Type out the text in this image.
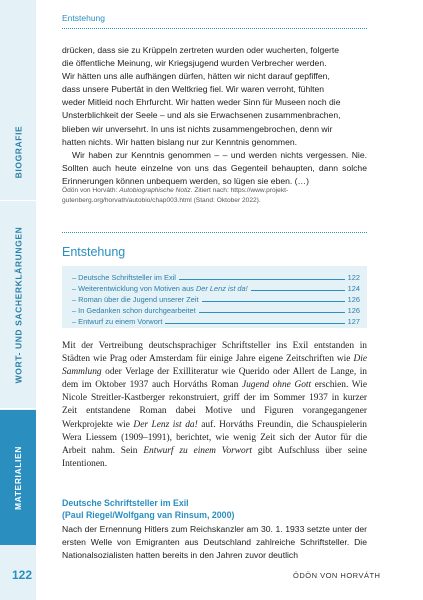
BIOGRAFIE
WORT- UND SACHERKLÄRUNGEN
MATERIALIEN
122
Entstehung
drücken, dass sie zu Krüppeln zertreten wurden oder wucherten, folgerte
die öffentliche Meinung, wir Kriegsjugend wurden Verbrecher werden.
Wir hätten uns alle aufhängen dürfen, hätten wir nicht darauf gepfiffen,
dass unsere Pubertät in den Weltkrieg fiel. Wir waren verroht, fühlten
weder Mitleid noch Ehrfurcht. Wir hatten weder Sinn für Museen noch die
Unsterblichkeit der Seele – und als sie Erwachsenen zusammenbrachen,
blieben wir unversehrt. In uns ist nichts zusammengebrochen, denn wir
hatten nichts. Wir hatten bislang nur zur Kenntnis genommen.

Wir haben zur Kenntnis genommen – – und werden nichts vergessen. Nie. Sollten auch heute einzelne von uns das Gegenteil behaupten, dann solche Erinnerungen können unbequem werden, so lügen sie eben. (…)

Ödön von Horváth: Autobiographische Notiz. Zitiert nach: https://www.projekt-gutenberg.org/horvath/autobio/chap003.html (Stand: Oktober 2022).
Entstehung
– Deutsche Schriftsteller im Exil	122
– Weiterentwicklung von Motiven aus Der Lenz ist da!	124
– Roman über die Jugend unserer Zeit	126
– In Gedanken schon durchgearbeitet	126
– Entwurf zu einem Vorwort	127

Mit der Vertreibung deutschsprachiger Schriftsteller ins Exil entstanden in Städten wie Prag oder Amsterdam für einige Jahre eigene Zeitschriften wie Die Sammlung oder Verlage der Exilliteratur wie Querido oder Allert de Lange, in dem im Oktober 1937 auch Horváths Roman Jugend ohne Gott erschien. Wie Nicole Streitler-Kastberger rekonstruiert, griff der im Sommer 1937 in kurzer Zeit entstandene Roman dabei Motive und Figuren vorangegangener Werkprojekte wie Der Lenz ist da! auf. Horváths Freundin, die Schauspielerin Wera Liessem (1909–1991), berichtet, wie wenig Zeit sich der Autor für die Arbeit nahm. Sein Entwurf zu einem Vorwort gibt Aufschluss über seine Intentionen.

Deutsche Schriftsteller im Exil
(Paul Riegel/Wolfgang van Rinsum, 2000)

Nach der Ernennung Hitlers zum Reichskanzler am 30. 1. 1933 setzte unter der ersten Welle von Emigranten aus Deutschland zahlreiche Schriftsteller. Die Nationalsozialisten hatten bereits in den Jahren zuvor deutlich

ÖDÖN VON HORVÁTH
